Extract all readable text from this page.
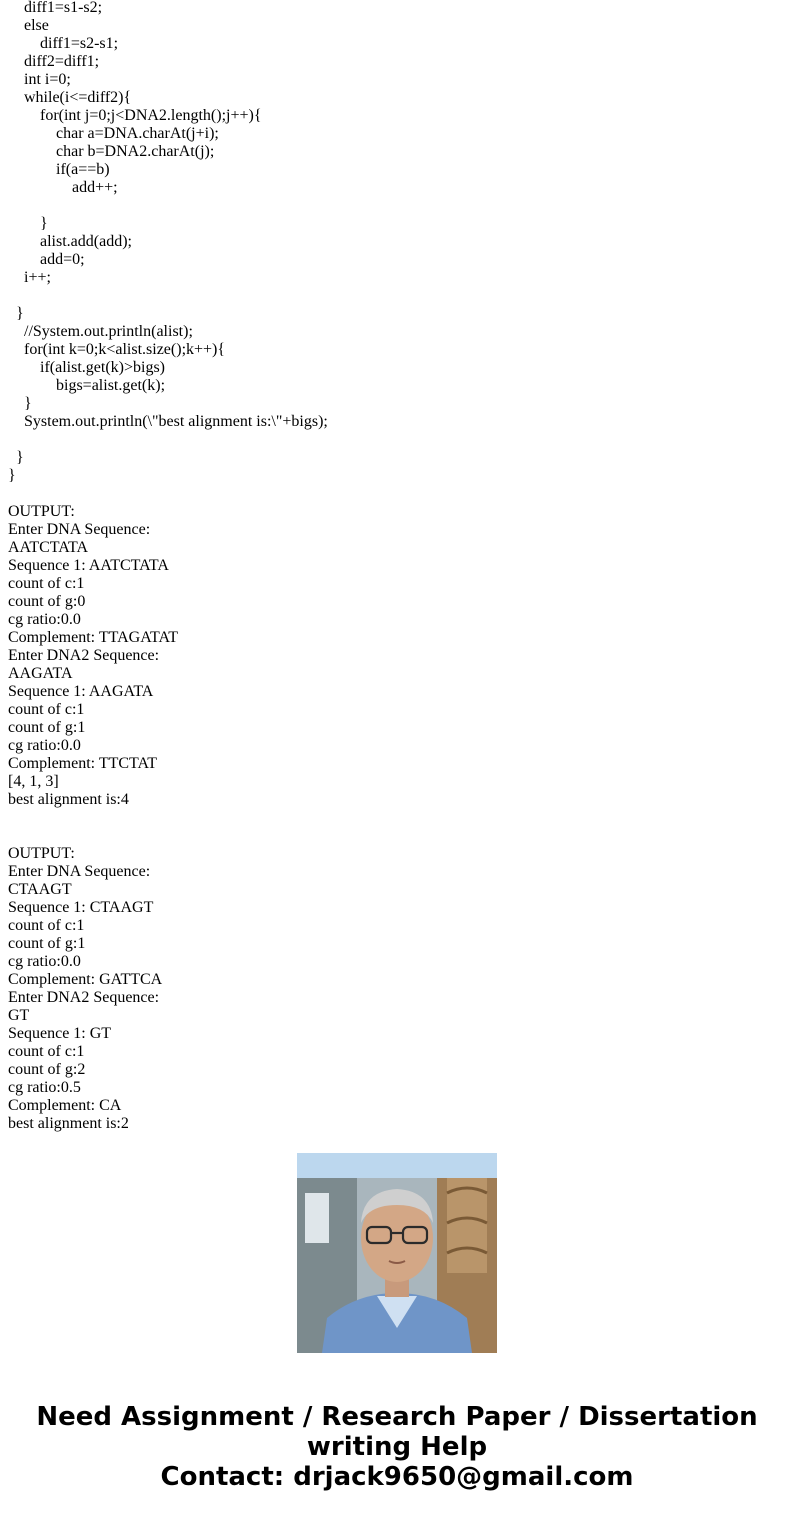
diff1=s1-s2;
else
diff1=s2-s1;
diff2=diff1;
int i=0;
while(i<=diff2){
for(int j=0;j<DNA2.length();j++){
char a=DNA.charAt(j+i);
char b=DNA2.charAt(j);
if(a==b)
add++;
}
alist.add(add);
add=0;
i++;
}
//System.out.println(alist);
for(int k=0;k<alist.size();k++){
if(alist.get(k)>bigs)
bigs=alist.get(k);
}
System.out.println(\"best alignment is:\"+bigs);
}
}
OUTPUT:
Enter DNA Sequence:
AATCTATA
Sequence 1: AATCTATA
count of c:1
count of g:0
cg ratio:0.0
Complement: TTAGATAT
Enter DNA2 Sequence:
AAGATA
Sequence 1: AAGATA
count of c:1
count of g:1
cg ratio:0.0
Complement: TTCTAT
[4, 1, 3]
best alignment is:4
OUTPUT:
Enter DNA Sequence:
CTAAGT
Sequence 1: CTAAGT
count of c:1
count of g:1
cg ratio:0.0
Complement: GATTCA
Enter DNA2 Sequence:
GT
Sequence 1: GT
count of c:1
count of g:2
cg ratio:0.5
Complement: CA
best alignment is:2
Need Assignment / Research Paper / Dissertation
writing Help
Contact: drjack9650@gmail.com
